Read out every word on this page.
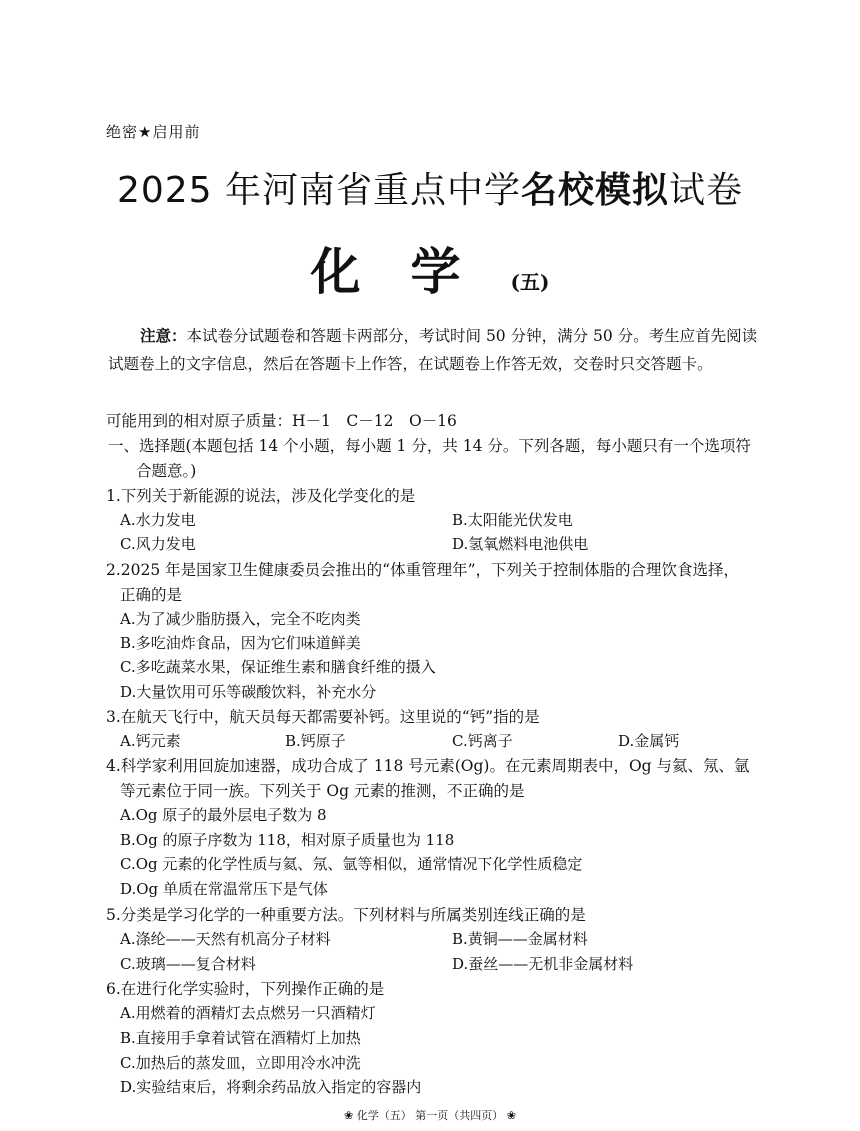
绝密★启用前
2025 年河南省重点中学名校模拟试卷
化学(五)
注意：本试卷分试题卷和答题卡两部分，考试时间 50 分钟，满分 50 分。考生应首先阅读试题卷上的文字信息，然后在答题卡上作答，在试题卷上作答无效，交卷时只交答题卡。
可能用到的相对原子质量：H－1　C－12　O－16
一、选择题(本题包括 14 个小题，每小题 1 分，共 14 分。下列各题，每小题只有一个选项符
合题意。)
1.下列关于新能源的说法，涉及化学变化的是
A.水力发电	B.太阳能光伏发电
C.风力发电	D.氢氧燃料电池供电
2.2025 年是国家卫生健康委员会推出的“体重管理年”，下列关于控制体脂的合理饮食选择，
正确的是
A.为了减少脂肪摄入，完全不吃肉类
B.多吃油炸食品，因为它们味道鲜美
C.多吃蔬菜水果，保证维生素和膳食纤维的摄入
D.大量饮用可乐等碳酸饮料，补充水分
3.在航天飞行中，航天员每天都需要补钙。这里说的“钙”指的是
A.钙元素	B.钙原子	C.钙离子	D.金属钙
4.科学家利用回旋加速器，成功合成了 118 号元素(Og)。在元素周期表中，Og 与氦、氖、氩
等元素位于同一族。下列关于 Og 元素的推测，不正确的是
A.Og 原子的最外层电子数为 8
B.Og 的原子序数为 118，相对原子质量也为 118
C.Og 元素的化学性质与氦、氖、氩等相似，通常情况下化学性质稳定
D.Og 单质在常温常压下是气体
5.分类是学习化学的一种重要方法。下列材料与所属类别连线正确的是
A.涤纶——天然有机高分子材料	B.黄铜——金属材料
C.玻璃——复合材料	D.蚕丝——无机非金属材料
6.在进行化学实验时，下列操作正确的是
A.用燃着的酒精灯去点燃另一只酒精灯
B.直接用手拿着试管在酒精灯上加热
C.加热后的蒸发皿，立即用冷水冲洗
D.实验结束后，将剩余药品放入指定的容器内
❀ 化学（五） 第一页（共四页） ❀
